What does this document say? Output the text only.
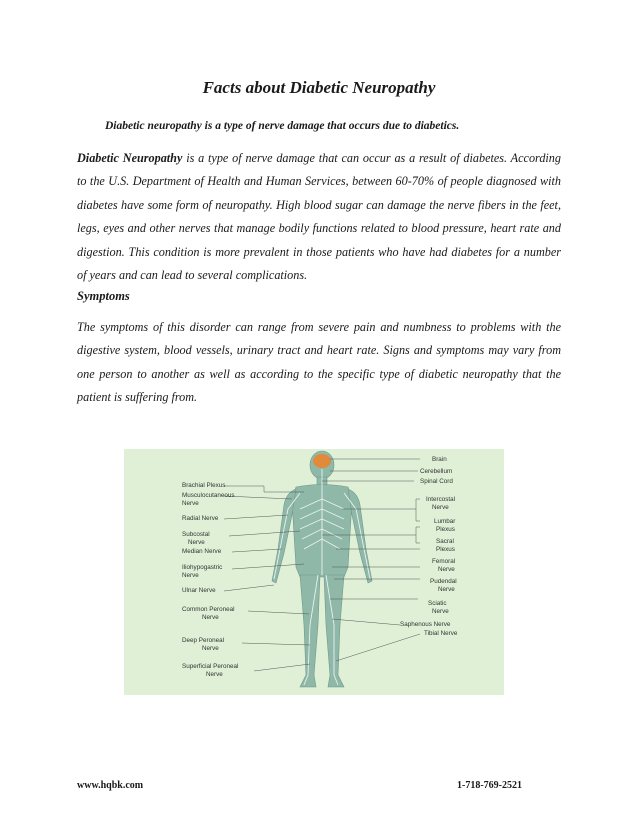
Facts about Diabetic Neuropathy
Diabetic neuropathy is a type of nerve damage that occurs due to diabetics.

Diabetic Neuropathy is a type of nerve damage that can occur as a result of diabetes. According to the U.S. Department of Health and Human Services, between 60-70% of people diagnosed with diabetes have some form of neuropathy. High blood sugar can damage the nerve fibers in the feet, legs, eyes and other nerves that manage bodily functions related to blood pressure, heart rate and digestion. This condition is more prevalent in those patients who have had diabetes for a number of years and can lead to several complications.

Symptoms

The symptoms of this disorder can range from severe pain and numbness to problems with the digestive system, blood vessels, urinary tract and heart rate. Signs and symptoms may vary from one person to another as well as according to the specific type of diabetic neuropathy that the patient is suffering from.

Brachial Plexus
Musculocutaneous
Nerve
Radial Nerve
Subcostal
Nerve
Median Nerve
Iliohypogastric
Nerve
Ulnar Nerve
Common Peroneal
Nerve
Deep Peroneal
Nerve
Superficial Peroneal
Nerve
Brain
Cerebellum
Spinal Cord
Intercostal
Nerve
Lumbar
Plexus
Sacral
Plexus
Femoral
Nerve
Pudendal
Nerve
Sciatic
Nerve
Saphenous Nerve
Tibial Nerve
www.hqbk.com	1-718-769-2521
